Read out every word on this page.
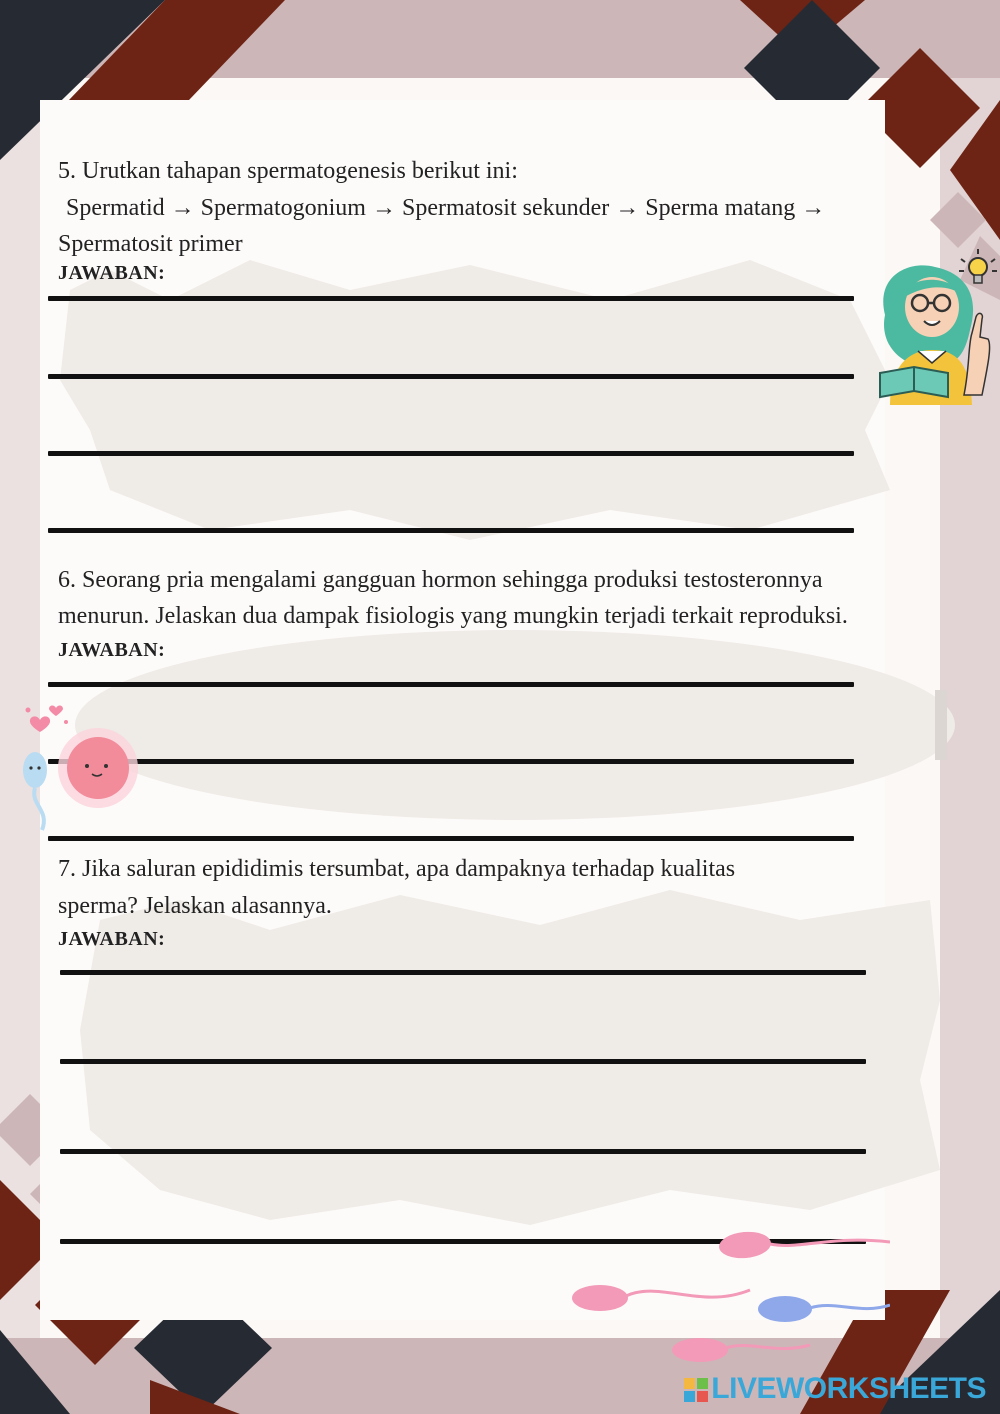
5. Urutkan tahapan spermatogenesis berikut ini:

Spermatid → Spermatogonium → Spermatosit sekunder → Sperma matang →

Spermatosit primer

JAWABAN:

6. Seorang pria mengalami gangguan hormon sehingga produksi testosteronnya

menurun. Jelaskan dua dampak fisiologis yang mungkin terjadi terkait reproduksi.

JAWABAN:

7. Jika saluran epididimis tersumbat, apa dampaknya terhadap kualitas

sperma? Jelaskan alasannya.

JAWABAN:
LIVEWORKSHEETS
